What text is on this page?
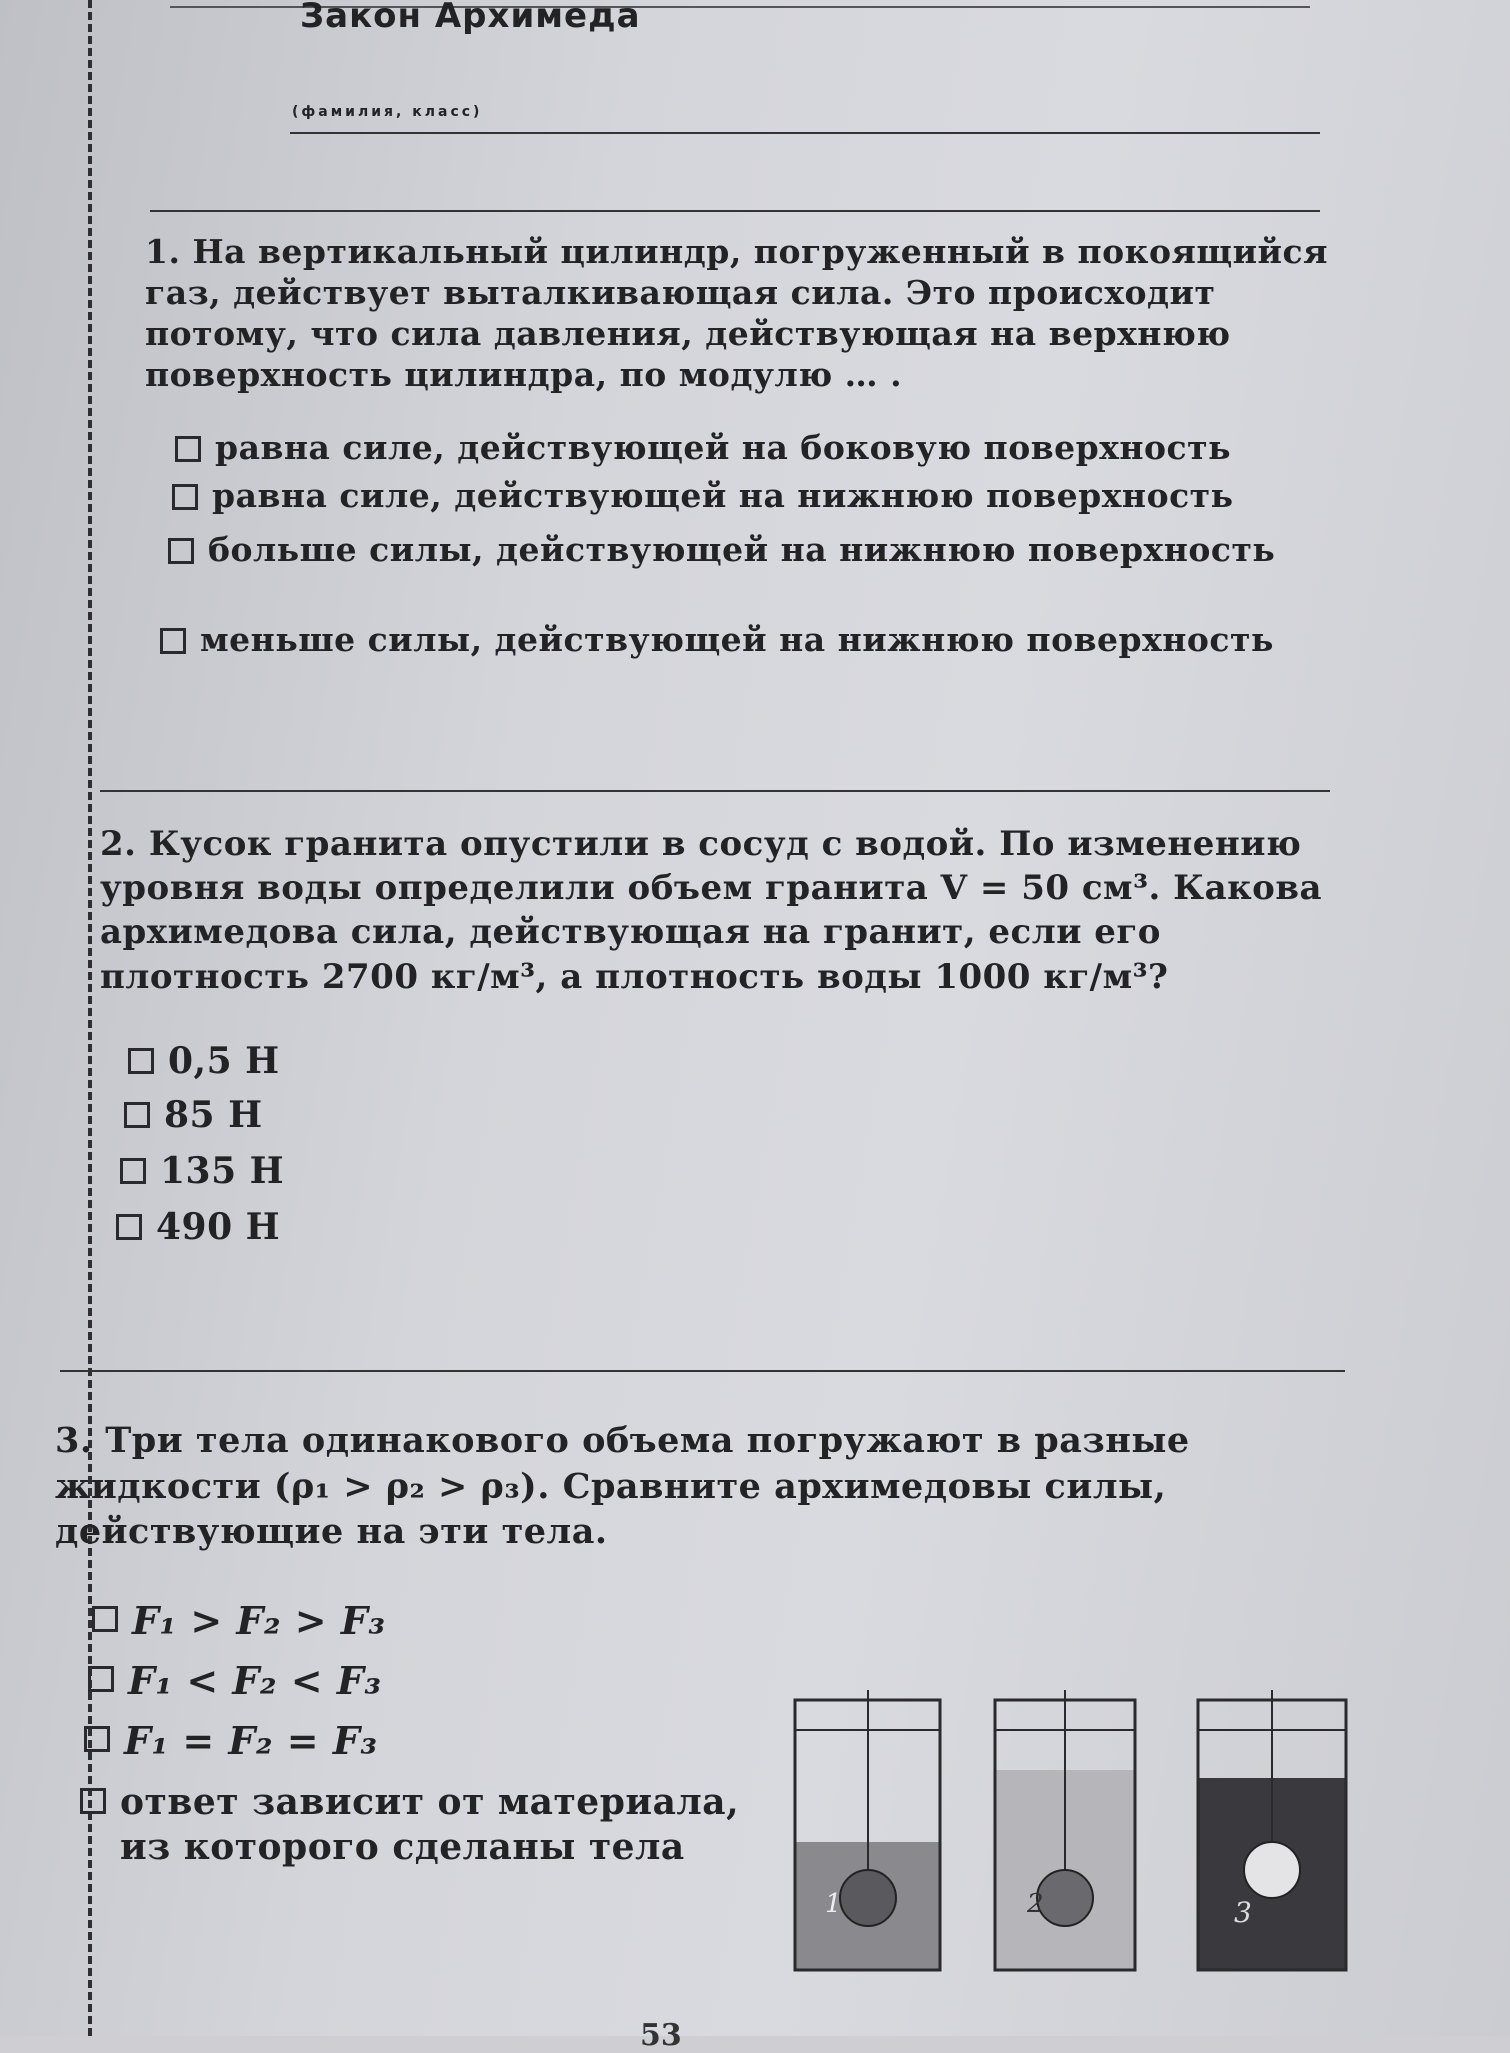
Закон Архимеда
(фамилия, класс)
1. На вертикальный цилиндр, погруженный в покоящийся газ, действует выталкивающая сила. Это происходит потому, что сила давления, действующая на верхнюю поверхность цилиндра, по модулю … .
равна силе, действующей на боковую поверхность
равна силе, действующей на нижнюю поверхность
больше силы, действующей на нижнюю поверхность
меньше силы, действующей на нижнюю поверхность
2. Кусок гранита опустили в сосуд с водой. По изменению уровня воды определили объем гранита V = 50 см³. Какова архимедова сила, действующая на гранит, если его плотность 2700 кг/м³, а плотность воды 1000 кг/м³?
0,5 Н
85 Н
135 Н
490 Н
3. Три тела одинакового объема погружают в разные жидкости (ρ₁ > ρ₂ > ρ₃). Сравните архимедовы силы, действующие на эти тела.
F₁ > F₂ > F₃
F₁ < F₂ < F₃
F₁ = F₂ = F₃
ответ зависит от материала, из которого сделаны тела
1	2	3
53
